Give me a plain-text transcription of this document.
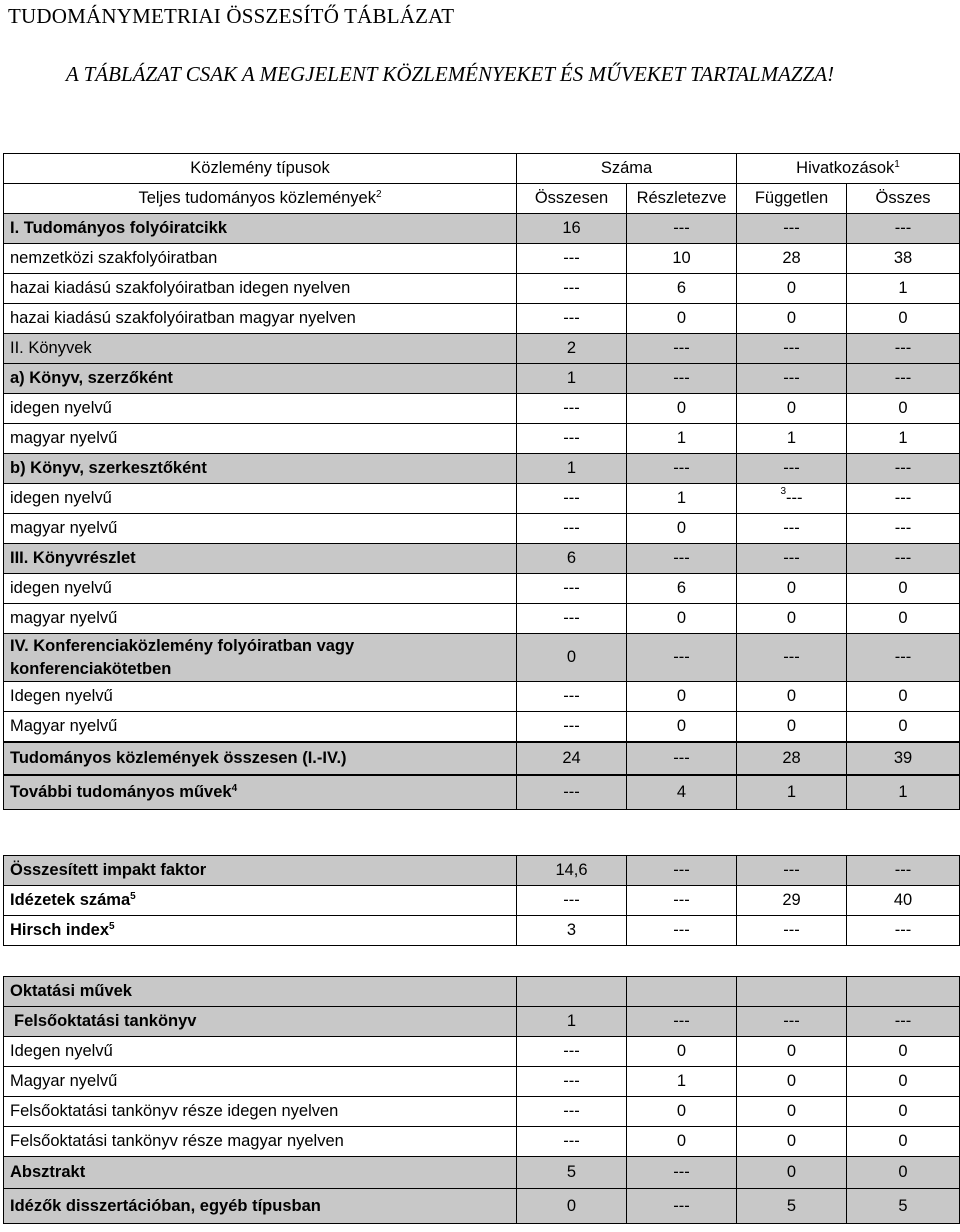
TUDOMÁNYMETRIAI ÖSSZESÍTŐ TÁBLÁZAT
A TÁBLÁZAT CSAK A MEGJELENT KÖZLEMÉNYEKET ÉS MŰVEKET TARTALMAZZA!
Közlemény típusok	Száma		Hivatkozások$^1$
Teljes tudományos közlemények$^2$	Összesen	Részletezve	Független	Összes
I. Tudományos folyóiratcikk	16	---	---	---
nemzetközi szakfolyóiratban	---	10	28	38
hazai kiadású szakfolyóiratban idegen nyelven	---	6	0	1
hazai kiadású szakfolyóiratban magyar nyelven	---	0	0	0
II. Könyvek	2	---	---	---
a) Könyv, szerzőként	1	---	---	---
idegen nyelvű	---	0	0	0
magyar nyelvű	---	1	1	1
b) Könyv, szerkesztőként	1	---	---	---
idegen nyelvű	---	1	$^3$---	---
magyar nyelvű	---	0	---	---
III. Könyvrészlet	6	---	---	---
idegen nyelvű	---	6	0	0
magyar nyelvű	---	0	0	0
IV. Konferenciaközlemény folyóiratban vagy konferenciakötetben	0	---	---	---
Idegen nyelvű	---	0	0	0
Magyar nyelvű	---	0	0	0
Tudományos közlemények összesen (I.-IV.)	24	---	28	39
További tudományos művek$^4$	---	4	1	1
Összesített impakt faktor	14,6	---	---	---
Idézetek száma$^5$	---	---	29	40
Hirsch index$^5$	3	---	---	---
Oktatási művek				
Felsőoktatási tankönyv	1	---	---	---
Idegen nyelvű	---	0	0	0
Magyar nyelvű	---	1	0	0
Felsőoktatási tankönyv része idegen nyelven	---	0	0	0
Felsőoktatási tankönyv része magyar nyelven	---	0	0	0
Absztrakt	5	---	0	0
Idézők disszertációban, egyéb típusban	0	---	5	5
